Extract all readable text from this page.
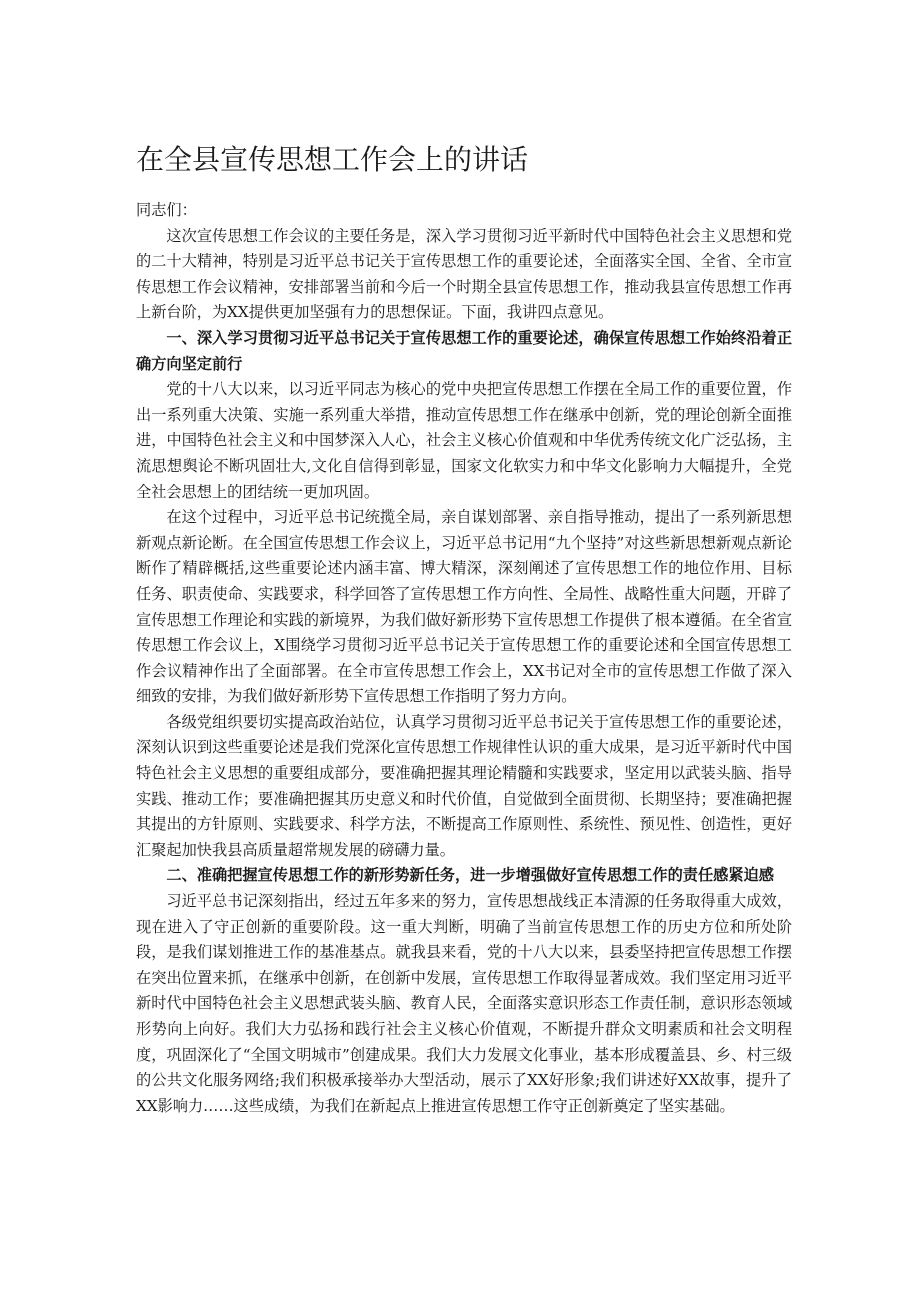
在全县宣传思想工作会上的讲话

同志们：

这次宣传思想工作会议的主要任务是，深入学习贯彻习近平新时代中国特色社会主义思想和党的二十大精神，特别是习近平总书记关于宣传思想工作的重要论述，全面落实全国、全省、全市宣传思想工作会议精神，安排部署当前和今后一个时期全县宣传思想工作，推动我县宣传思想工作再上新台阶，为XX提供更加坚强有力的思想保证。下面，我讲四点意见。

一、深入学习贯彻习近平总书记关于宣传思想工作的重要论述，确保宣传思想工作始终沿着正确方向坚定前行

党的十八大以来，以习近平同志为核心的党中央把宣传思想工作摆在全局工作的重要位置，作出一系列重大决策、实施一系列重大举措，推动宣传思想工作在继承中创新，党的理论创新全面推进，中国特色社会主义和中国梦深入人心，社会主义核心价值观和中华优秀传统文化广泛弘扬，主流思想舆论不断巩固壮大,文化自信得到彰显，国家文化软实力和中华文化影响力大幅提升，全党全社会思想上的团结统一更加巩固。

在这个过程中，习近平总书记统揽全局，亲自谋划部署、亲自指导推动，提出了一系列新思想新观点新论断。在全国宣传思想工作会议上，习近平总书记用“九个坚持”对这些新思想新观点新论断作了精辟概括,这些重要论述内涵丰富、博大精深，深刻阐述了宣传思想工作的地位作用、目标任务、职责使命、实践要求，科学回答了宣传思想工作方向性、全局性、战略性重大问题，开辟了宣传思想工作理论和实践的新境界，为我们做好新形势下宣传思想工作提供了根本遵循。在全省宣传思想工作会议上，X围绕学习贯彻习近平总书记关于宣传思想工作的重要论述和全国宣传思想工作会议精神作出了全面部署。在全市宣传思想工作会上，XX书记对全市的宣传思想工作做了深入细致的安排，为我们做好新形势下宣传思想工作指明了努力方向。

各级党组织要切实提高政治站位，认真学习贯彻习近平总书记关于宣传思想工作的重要论述，深刻认识到这些重要论述是我们党深化宣传思想工作规律性认识的重大成果，是习近平新时代中国特色社会主义思想的重要组成部分，要准确把握其理论精髓和实践要求，坚定用以武装头脑、指导实践、推动工作；要准确把握其历史意义和时代价值，自觉做到全面贯彻、长期坚持；要准确把握其提出的方针原则、实践要求、科学方法，不断提高工作原则性、系统性、预见性、创造性，更好汇聚起加快我县高质量超常规发展的磅礴力量。

二、准确把握宣传思想工作的新形势新任务，进一步增强做好宣传思想工作的责任感紧迫感

习近平总书记深刻指出，经过五年多来的努力，宣传思想战线正本清源的任务取得重大成效，现在进入了守正创新的重要阶段。这一重大判断，明确了当前宣传思想工作的历史方位和所处阶段，是我们谋划推进工作的基准基点。就我县来看，党的十八大以来，县委坚持把宣传思想工作摆在突出位置来抓，在继承中创新，在创新中发展，宣传思想工作取得显著成效。我们坚定用习近平新时代中国特色社会主义思想武装头脑、教育人民，全面落实意识形态工作责任制，意识形态领域形势向上向好。我们大力弘扬和践行社会主义核心价值观，不断提升群众文明素质和社会文明程度，巩固深化了“全国文明城市”创建成果。我们大力发展文化事业，基本形成覆盖县、乡、村三级的公共文化服务网络;我们积极承接举办大型活动，展示了XX好形象;我们讲述好XX故事，提升了XX影响力……这些成绩，为我们在新起点上推进宣传思想工作守正创新奠定了坚实基础。
